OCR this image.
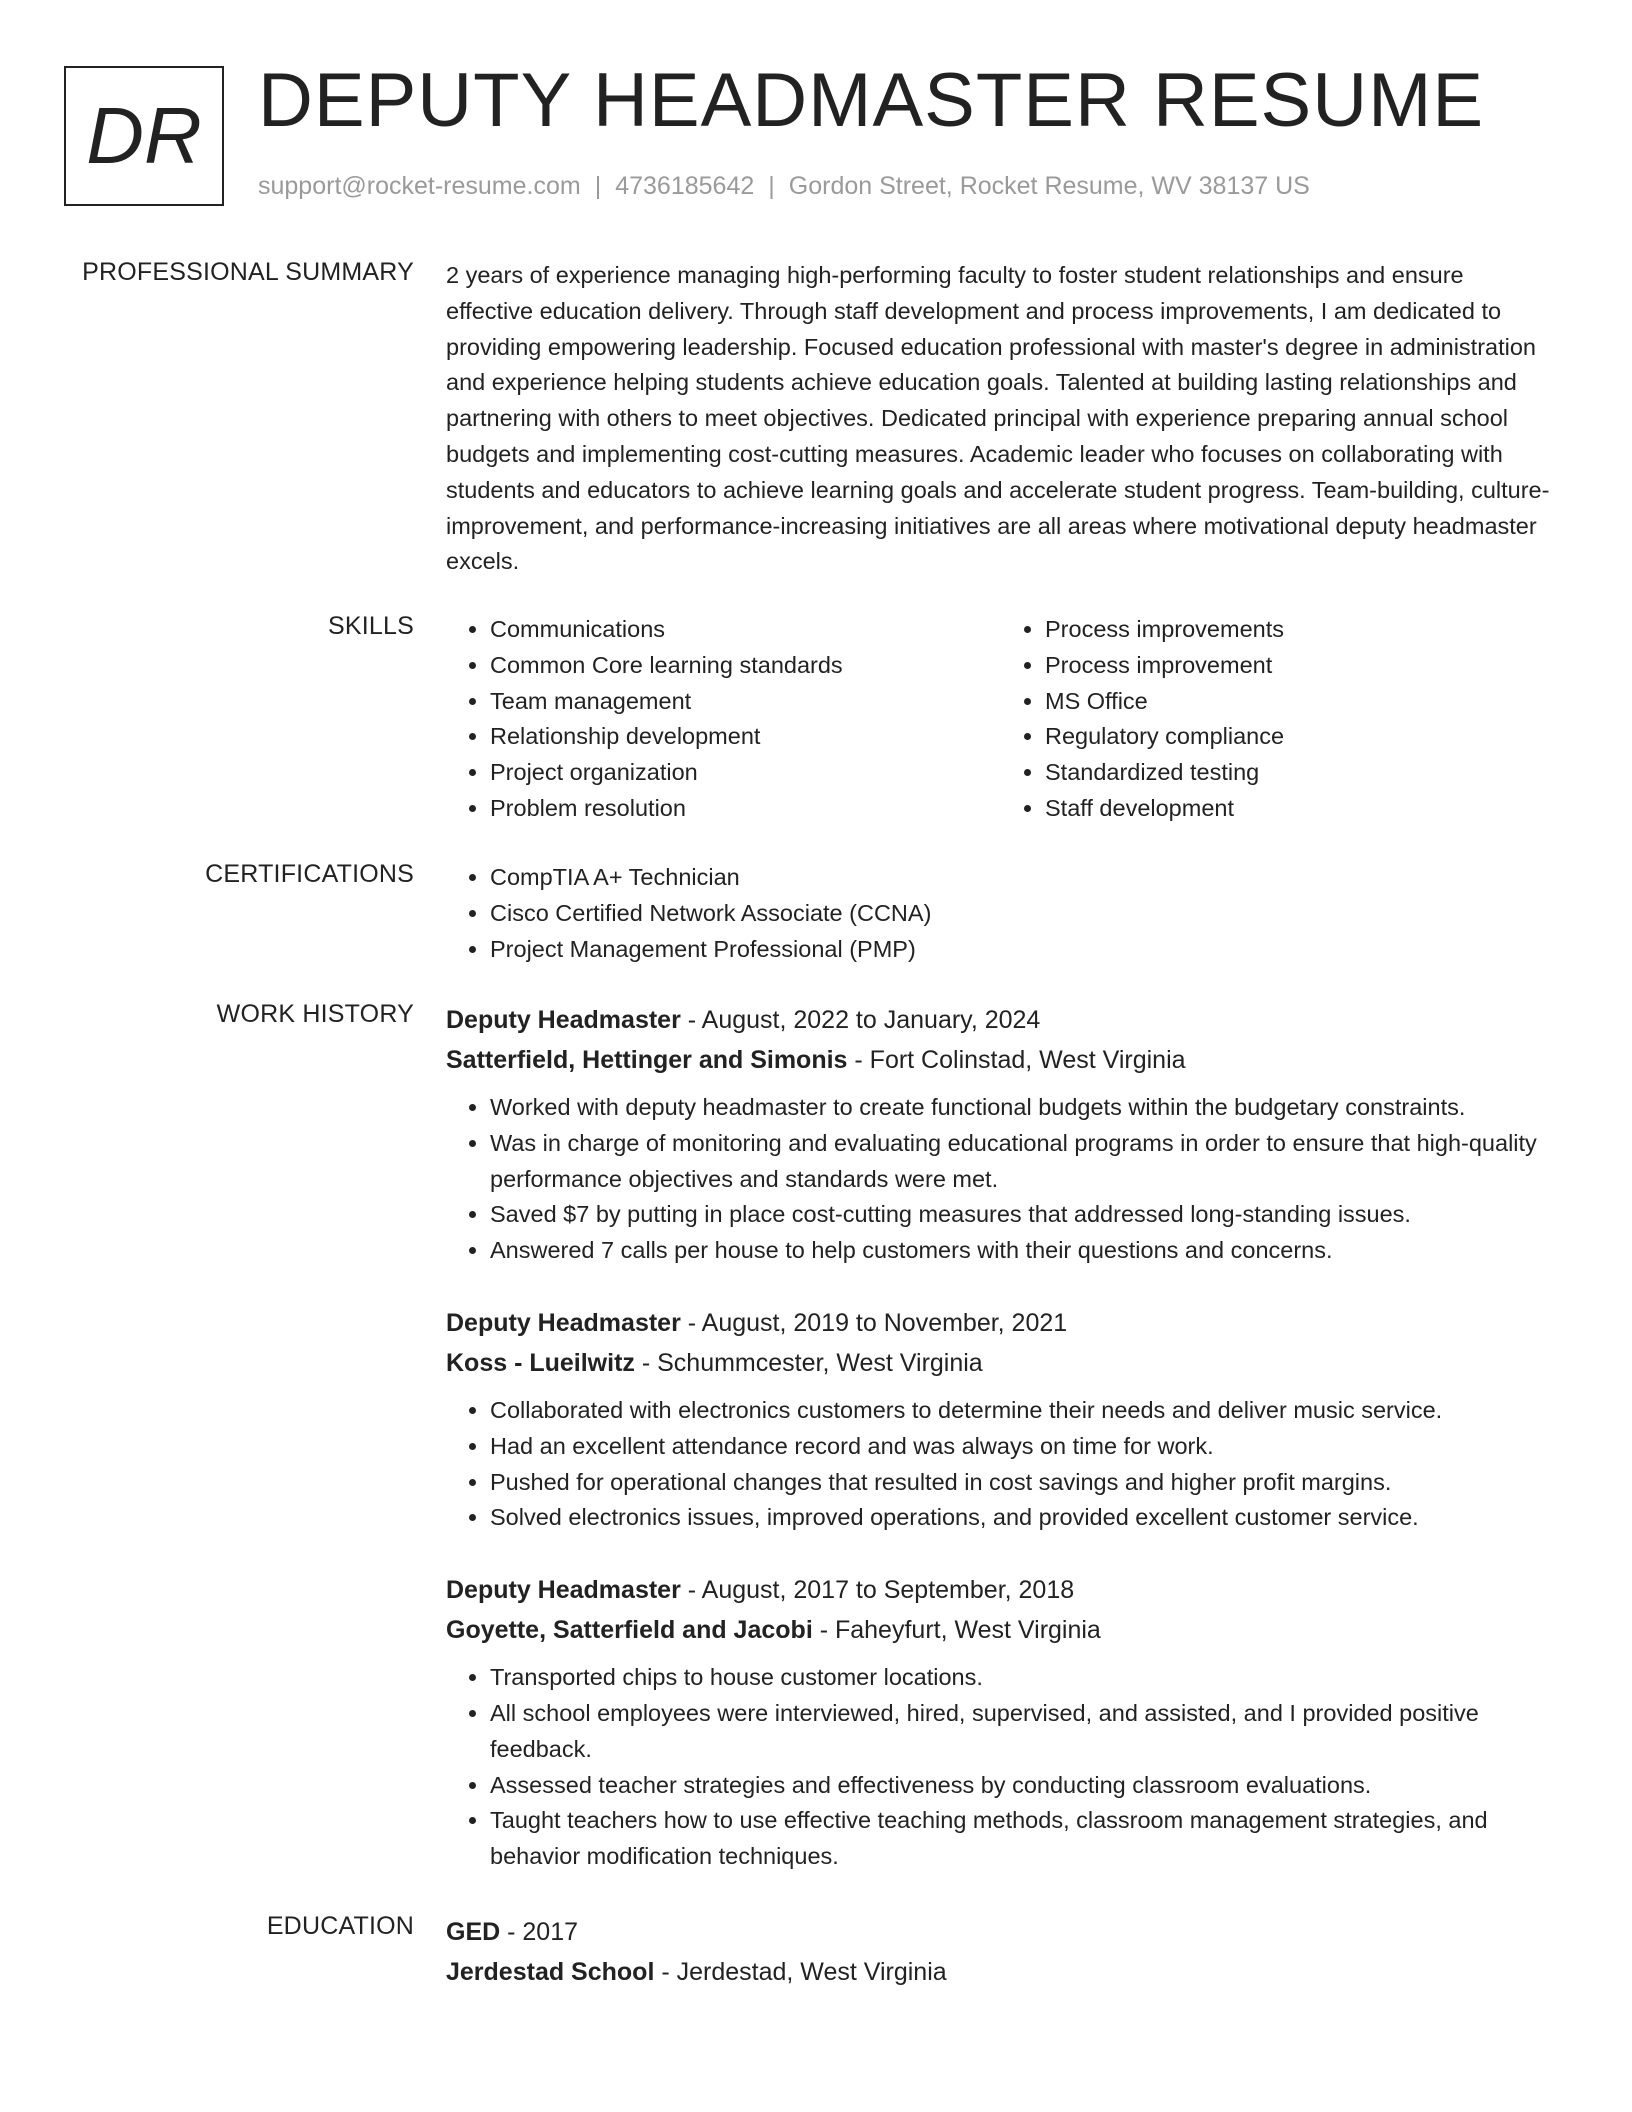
DR DEPUTY HEADMASTER RESUME
support@rocket-resume.com | 4736185642 | Gordon Street, Rocket Resume, WV 38137 US
PROFESSIONAL SUMMARY 2 years of experience managing high-performing faculty to foster student relationships and ensure effective education delivery. Through staff development and process improvements, I am dedicated to providing empowering leadership. Focused education professional with master's degree in administration and experience helping students achieve education goals. Talented at building lasting relationships and partnering with others to meet objectives. Dedicated principal with experience preparing annual school budgets and implementing cost-cutting measures. Academic leader who focuses on collaborating with students and educators to achieve learning goals and accelerate student progress. Team-building, culture-improvement, and performance-increasing initiatives are all areas where motivational deputy headmaster excels.

SKILLS	• Communications
• Common Core learning standards
• Team management
• Relationship development
• Project organization
• Problem resolution
• Process improvements
• Process improvement
• MS Office
• Regulatory compliance
• Standardized testing
• Staff development
CERTIFICATIONS	• CompTIA A+ Technician
• Cisco Certified Network Associate (CCNA)
• Project Management Professional (PMP)
WORK HISTORY Deputy Headmaster - August, 2022 to January, 2024
Satterfield, Hettinger and Simonis - Fort Colinstad, West Virginia
• Worked with deputy headmaster to create functional budgets within the budgetary constraints.
• Was in charge of monitoring and evaluating educational programs in order to ensure that high-quality performance objectives and standards were met.
• Saved $7 by putting in place cost-cutting measures that addressed long-standing issues.
• Answered 7 calls per house to help customers with their questions and concerns.
Deputy Headmaster - August, 2019 to November, 2021
Koss - Lueilwitz - Schummcester, West Virginia
• Collaborated with electronics customers to determine their needs and deliver music service.
• Had an excellent attendance record and was always on time for work.
• Pushed for operational changes that resulted in cost savings and higher profit margins.
• Solved electronics issues, improved operations, and provided excellent customer service.
Deputy Headmaster - August, 2017 to September, 2018
Goyette, Satterfield and Jacobi - Faheyfurt, West Virginia
• Transported chips to house customer locations.
• All school employees were interviewed, hired, supervised, and assisted, and I provided positive feedback.
• Assessed teacher strategies and effectiveness by conducting classroom evaluations.
• Taught teachers how to use effective teaching methods, classroom management strategies, and behavior modification techniques.
EDUCATION GED - 2017
Jerdestad School - Jerdestad, West Virginia
